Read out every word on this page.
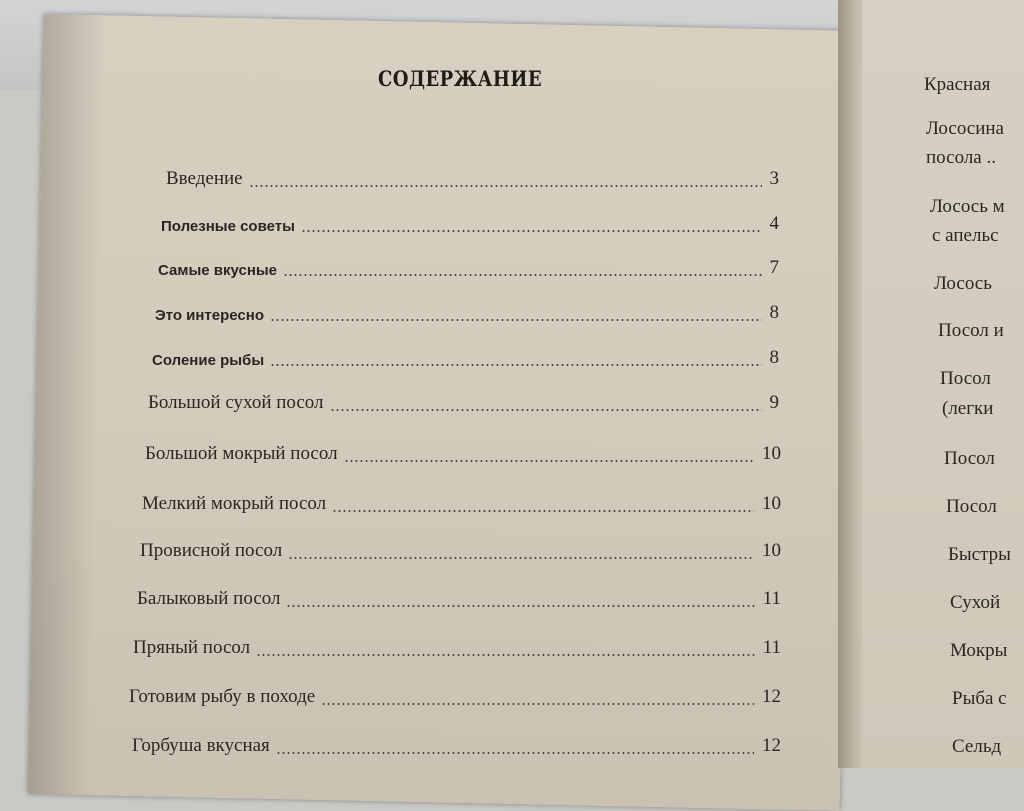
СОДЕРЖАНИЕ
Введение	3
Полезные советы	4
Самые вкусные	7
Это интересно	8
Соление рыбы	8
Большой сухой посол	9
Большой мокрый посол	10
Мелкий мокрый посол	10
Провисной посол	10
Балыковый посол	11
Пряный посол	11
Готовим рыбу в походе	12
Горбуша вкусная	12
Красная
Лососина
посола ..
Лосось м
с апельс
Лосось
Посол и
Посол
(легки
Посол
Посол
Быстры
Сухой
Мокры
Рыба с
Сельд
